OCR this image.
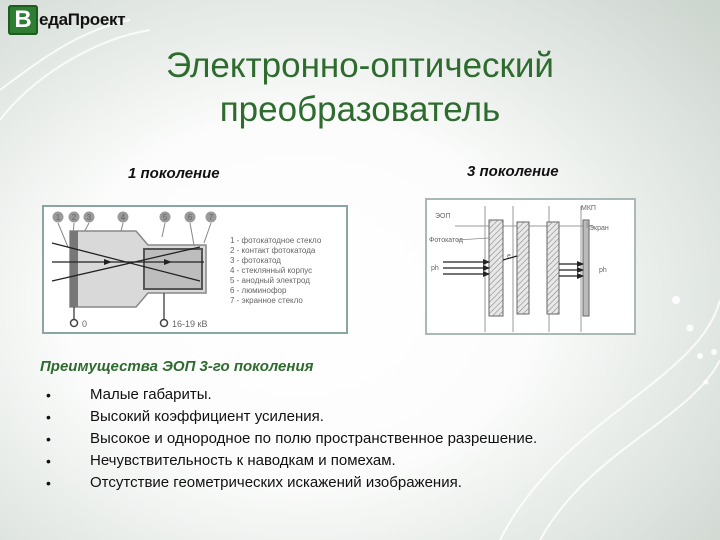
В едаПроект
Электронно-оптический
преобразователь
1 поколение	3 поколение
1 2 3	4	5	6 7
0	16-19 кВ
1 - фотокатодное стекло
2 - контакт фотокатода
3 - фотокатод
4 - стеклянный корпус
5 - анодный электрод
6 - люминофор
7 - экранное стекло
ЭОП
МКП
Фотокатод
Экран
ph	ph
e
Преимущества ЭОП 3-го поколения
•	Малые габариты.
•	Высокий коэффициент усиления.
•	Высокое и однородное по полю пространственное разрешение.
•	Нечувствительность к наводкам и помехам.
•	Отсутствие геометрических искажений изображения.
